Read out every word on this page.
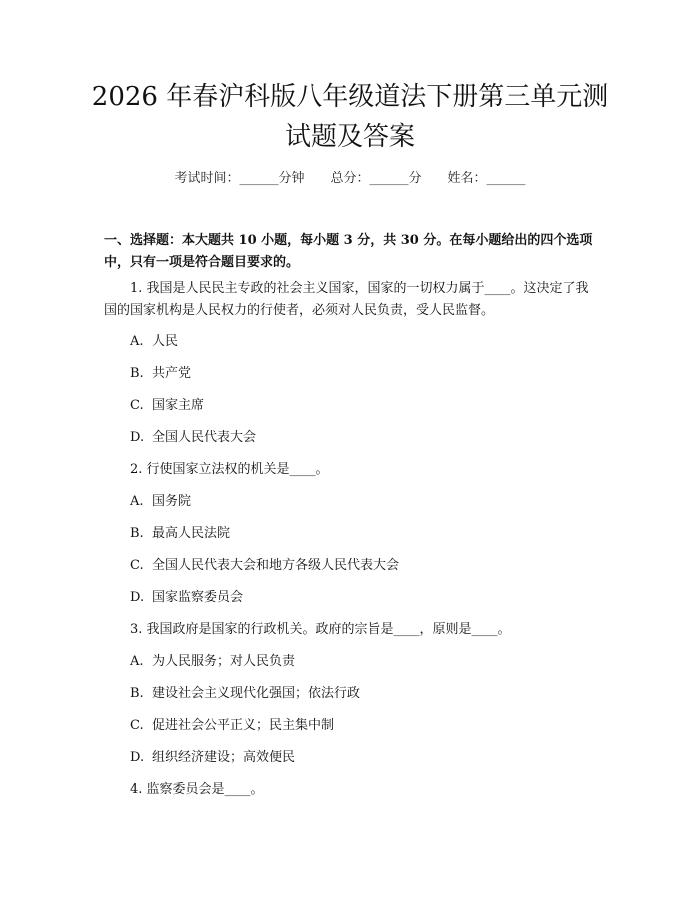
2026 年春沪科版八年级道法下册第三单元测
试题及答案
考试时间：______分钟 总分：______分 姓名：______

一、选择题：本大题共 10 小题，每小题 3 分，共 30 分。在每小题给出的四个选项中，只有一项是符合题目要求的。

1. 我国是人民民主专政的社会主义国家，国家的一切权力属于____。这决定了我国的国家机构是人民权力的行使者，必须对人民负责，受人民监督。

A. 人民

B. 共产党

C. 国家主席

D. 全国人民代表大会

2. 行使国家立法权的机关是____。

A. 国务院

B. 最高人民法院

C. 全国人民代表大会和地方各级人民代表大会

D. 国家监察委员会

3. 我国政府是国家的行政机关。政府的宗旨是____，原则是____。

A. 为人民服务；对人民负责

B. 建设社会主义现代化强国；依法行政

C. 促进社会公平正义；民主集中制

D. 组织经济建设；高效便民

4. 监察委员会是____。
